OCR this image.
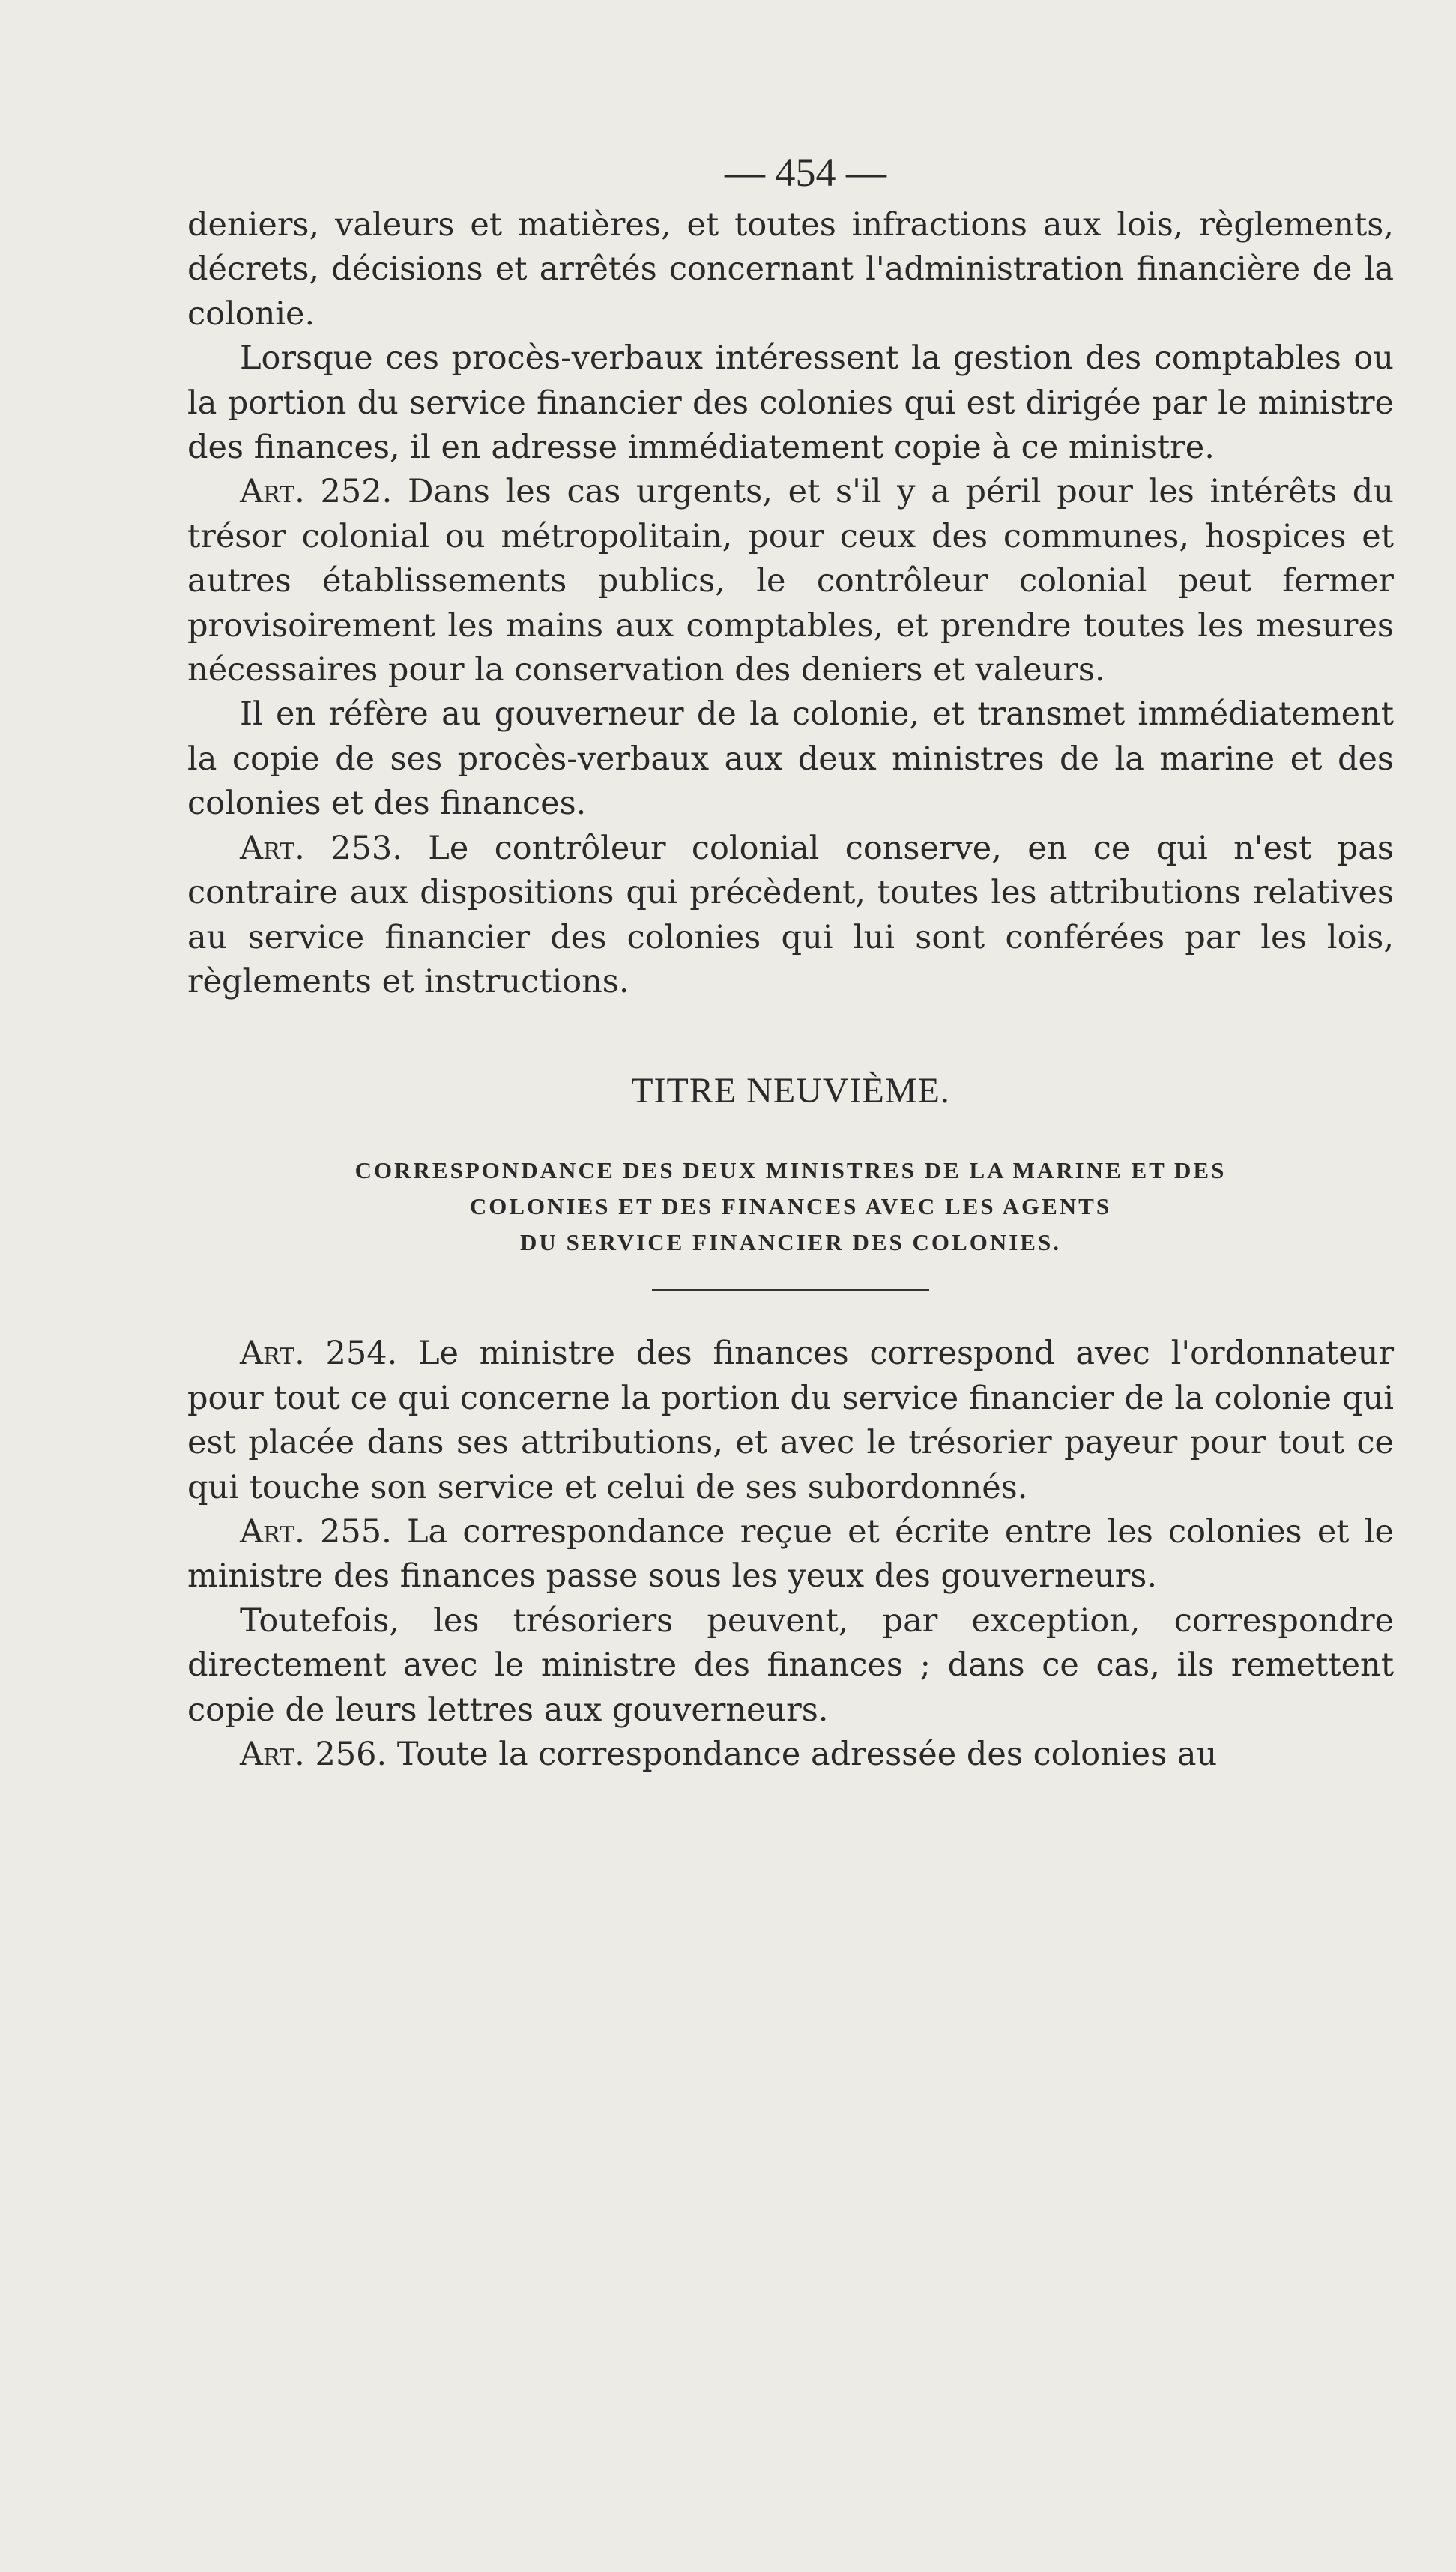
— 454 —

deniers, valeurs et matières, et toutes infractions aux lois, règlements, décrets, décisions et arrêtés concernant l'administration financière de la colonie.

Lorsque ces procès-verbaux intéressent la gestion des comptables ou la portion du service financier des colonies qui est dirigée par le ministre des finances, il en adresse immédiatement copie à ce ministre.

Art. 252. Dans les cas urgents, et s'il y a péril pour les intérêts du trésor colonial ou métropolitain, pour ceux des communes, hospices et autres établissements publics, le contrôleur colonial peut fermer provisoirement les mains aux comptables, et prendre toutes les mesures nécessaires pour la conservation des deniers et valeurs.

Il en réfère au gouverneur de la colonie, et transmet immédiatement la copie de ses procès-verbaux aux deux ministres de la marine et des colonies et des finances.

Art. 253. Le contrôleur colonial conserve, en ce qui n'est pas contraire aux dispositions qui précèdent, toutes les attributions relatives au service financier des colonies qui lui sont conférées par les lois, règlements et instructions.

TITRE NEUVIÈME.
CORRESPONDANCE DES DEUX MINISTRES DE LA MARINE ET DES
COLONIES ET DES FINANCES AVEC LES AGENTS
DU SERVICE FINANCIER DES COLONIES.

Art. 254. Le ministre des finances correspond avec l'ordonnateur pour tout ce qui concerne la portion du service financier de la colonie qui est placée dans ses attributions, et avec le trésorier payeur pour tout ce qui touche son service et celui de ses subordonnés.

Art. 255. La correspondance reçue et écrite entre les colonies et le ministre des finances passe sous les yeux des gouverneurs.

Toutefois, les trésoriers peuvent, par exception, correspondre directement avec le ministre des finances ; dans ce cas, ils remettent copie de leurs lettres aux gouverneurs.

Art. 256. Toute la correspondance adressée des colonies au
